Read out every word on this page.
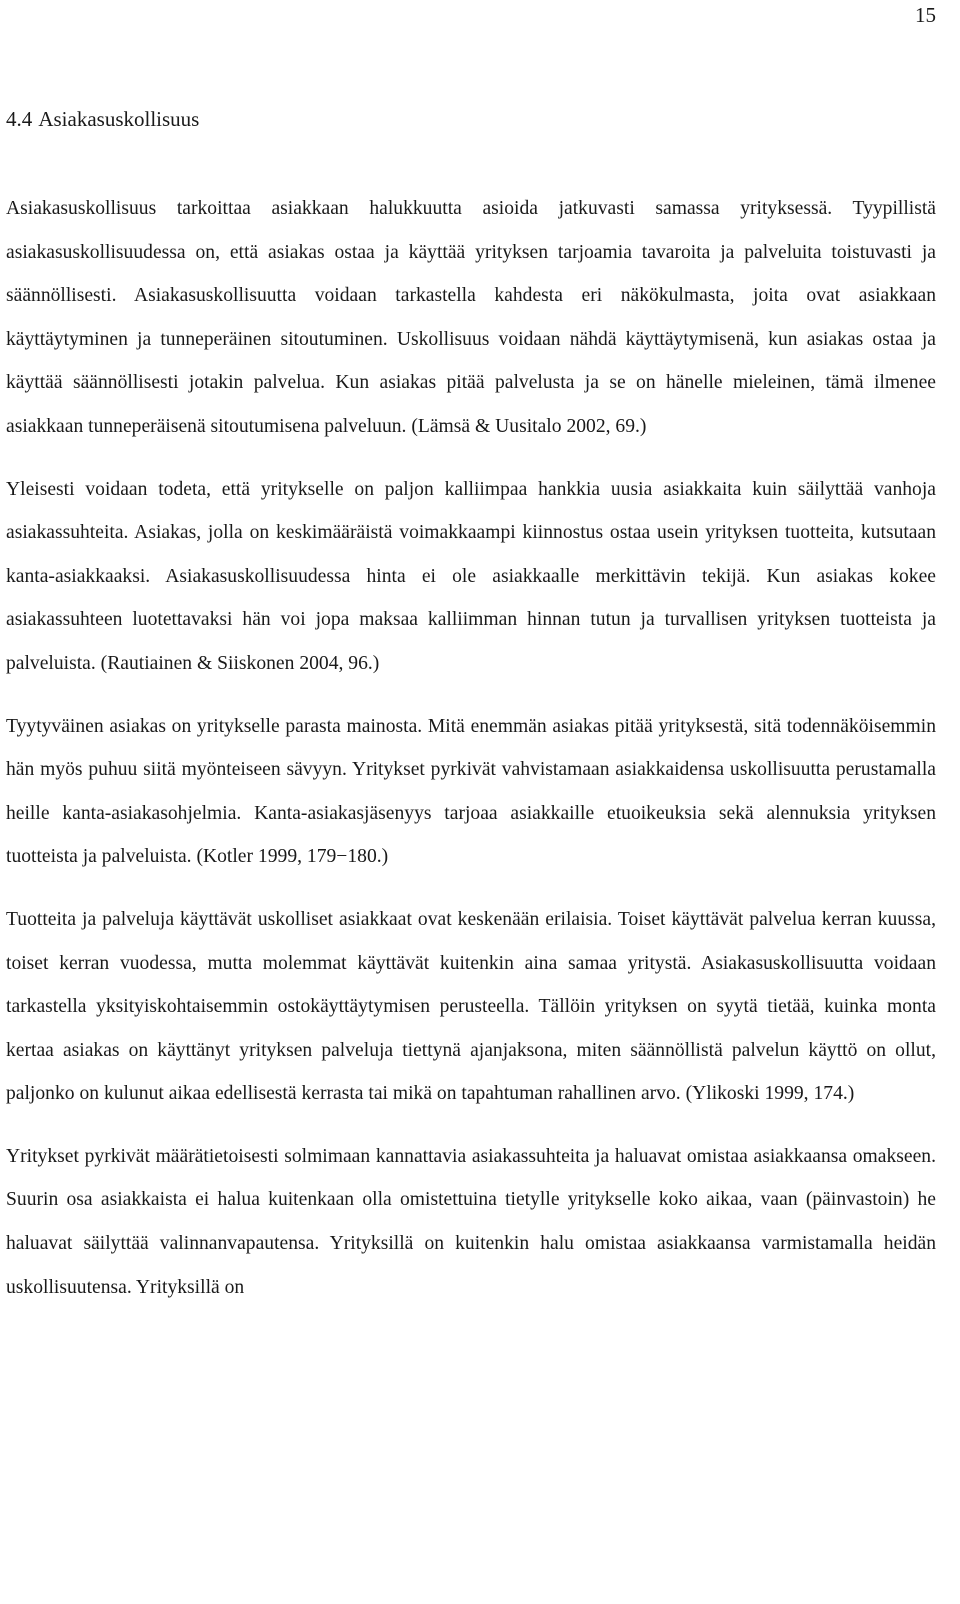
15
4.4 Asiakasuskollisuus

Asiakasuskollisuus tarkoittaa asiakkaan halukkuutta asioida jatkuvasti samassa yrityksessä. Tyypillistä asiakasuskollisuudessa on, että asiakas ostaa ja käyttää yrityksen tarjoamia tavaroita ja palveluita toistuvasti ja säännöllisesti. Asiakasuskollisuutta voidaan tarkastella kahdesta eri näkökulmasta, joita ovat asiakkaan käyttäytyminen ja tunneperäinen sitoutuminen. Uskollisuus voidaan nähdä käyttäytymisenä, kun asiakas ostaa ja käyttää säännöllisesti jotakin palvelua. Kun asiakas pitää palvelusta ja se on hänelle mieleinen, tämä ilmenee asiakkaan tunneperäisenä sitoutumisena palveluun. (Lämsä & Uusitalo 2002, 69.)

Yleisesti voidaan todeta, että yritykselle on paljon kalliimpaa hankkia uusia asiakkaita kuin säilyttää vanhoja asiakassuhteita. Asiakas, jolla on keskimääräistä voimakkaampi kiinnostus ostaa usein yrityksen tuotteita, kutsutaan kanta-asiakkaaksi. Asiakasuskollisuudessa hinta ei ole asiakkaalle merkittävin tekijä. Kun asiakas kokee asiakassuhteen luotettavaksi hän voi jopa maksaa kalliimman hinnan tutun ja turvallisen yrityksen tuotteista ja palveluista. (Rautiainen & Siiskonen 2004, 96.)

Tyytyväinen asiakas on yritykselle parasta mainosta. Mitä enemmän asiakas pitää yrityksestä, sitä todennäköisemmin hän myös puhuu siitä myönteiseen sävyyn. Yritykset pyrkivät vahvistamaan asiakkaidensa uskollisuutta perustamalla heille kanta-asiakasohjelmia. Kanta-asiakasjäsenyys tarjoaa asiakkaille etuoikeuksia sekä alennuksia yrityksen tuotteista ja palveluista. (Kotler 1999, 179−180.)

Tuotteita ja palveluja käyttävät uskolliset asiakkaat ovat keskenään erilaisia. Toiset käyttävät palvelua kerran kuussa, toiset kerran vuodessa, mutta molemmat käyttävät kuitenkin aina samaa yritystä. Asiakasuskollisuutta voidaan tarkastella yksityiskohtaisemmin ostokäyttäytymisen perusteella. Tällöin yrityksen on syytä tietää, kuinka monta kertaa asiakas on käyttänyt yrityksen palveluja tiettynä ajanjaksona, miten säännöllistä palvelun käyttö on ollut, paljonko on kulunut aikaa edellisestä kerrasta tai mikä on tapahtuman rahallinen arvo. (Ylikoski 1999, 174.)

Yritykset pyrkivät määrätietoisesti solmimaan kannattavia asiakassuhteita ja haluavat omistaa asiakkaansa omakseen. Suurin osa asiakkaista ei halua kuitenkaan olla omistettuina tietylle yritykselle koko aikaa, vaan (päinvastoin) he haluavat säilyttää valinnanvapautensa. Yrityksillä on kuitenkin halu omistaa asiakkaansa varmistamalla heidän uskollisuutensa. Yrityksillä on
